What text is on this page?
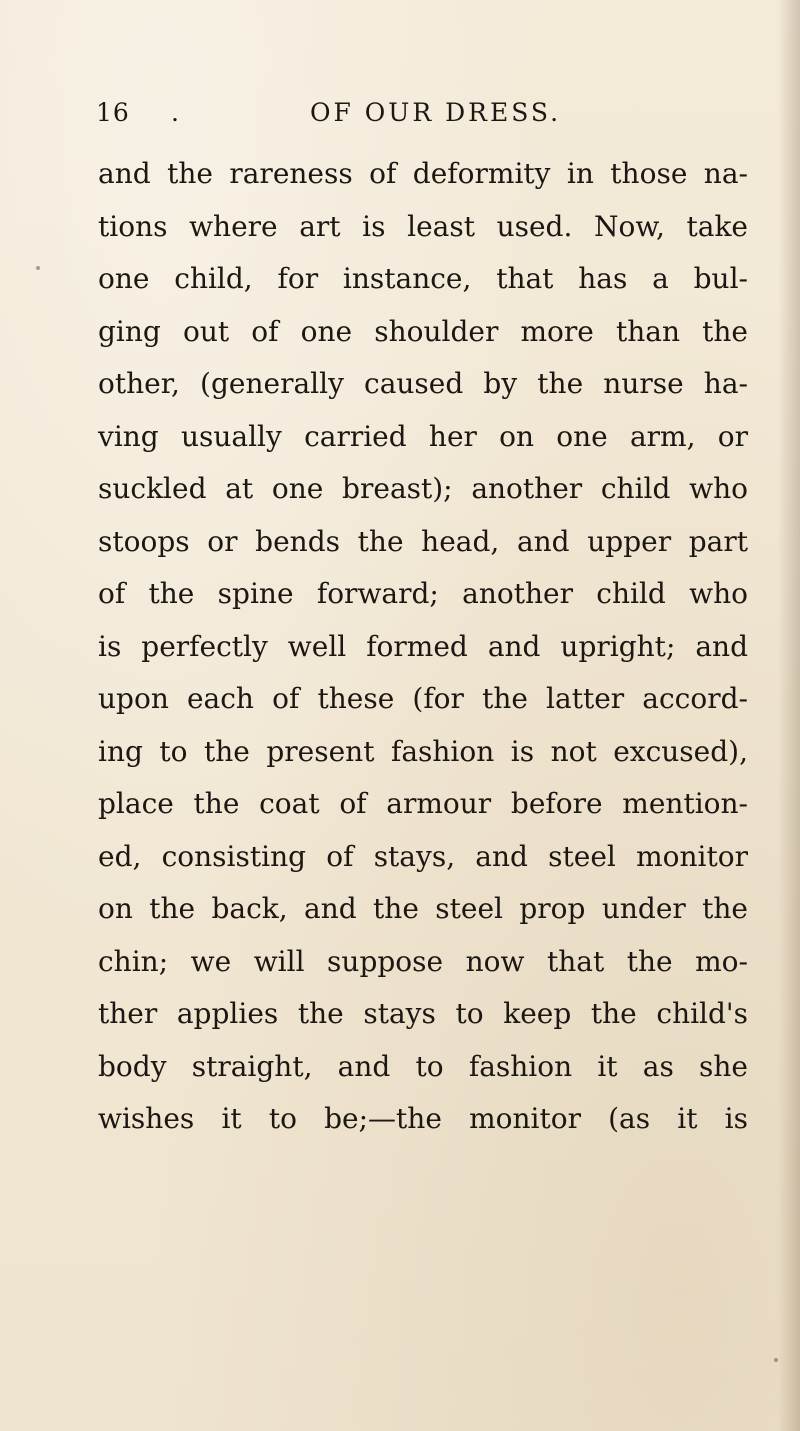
16 .	OF OUR DRESS.
and the rareness of deformity in those na-
tions where art is least used. Now, take
one child, for instance, that has a bul-
ging out of one shoulder more than the
other, (generally caused by the nurse ha-
ving usually carried her on one arm, or
suckled at one breast); another child who
stoops or bends the head, and upper part
of the spine forward; another child who
is perfectly well formed and upright; and
upon each of these (for the latter accord-
ing to the present fashion is not excused),
place the coat of armour before mention-
ed, consisting of stays, and steel monitor
on the back, and the steel prop under the
chin; we will suppose now that the mo-
ther applies the stays to keep the child's
body straight, and to fashion it as she
wishes it to be;—the monitor (as it is
